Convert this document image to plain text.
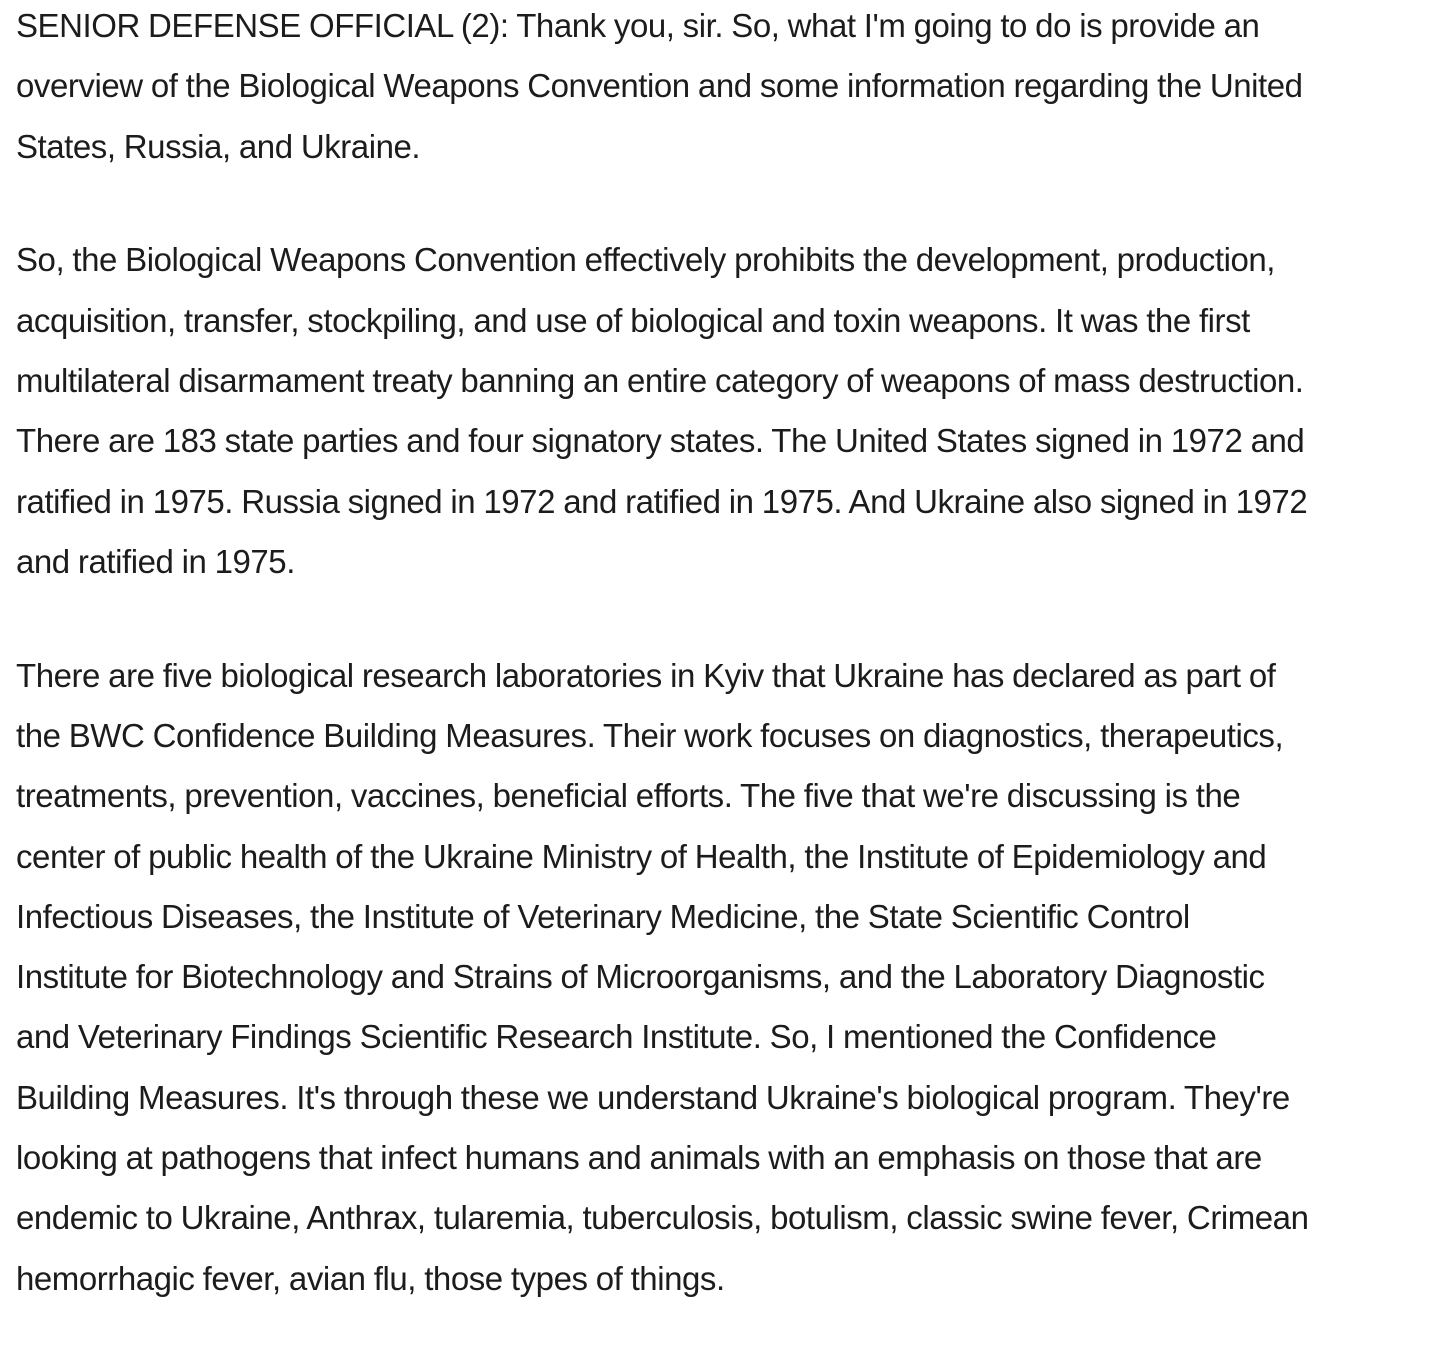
SENIOR DEFENSE OFFICIAL (2): Thank you, sir. So, what I'm going to do is provide an
overview of the Biological Weapons Convention and some information regarding the United
States, Russia, and Ukraine.
So, the Biological Weapons Convention effectively prohibits the development, production,
acquisition, transfer, stockpiling, and use of biological and toxin weapons. It was the first
multilateral disarmament treaty banning an entire category of weapons of mass destruction.
There are 183 state parties and four signatory states. The United States signed in 1972 and
ratified in 1975. Russia signed in 1972 and ratified in 1975. And Ukraine also signed in 1972
and ratified in 1975.
There are five biological research laboratories in Kyiv that Ukraine has declared as part of
the BWC Confidence Building Measures. Their work focuses on diagnostics, therapeutics,
treatments, prevention, vaccines, beneficial efforts. The five that we're discussing is the
center of public health of the Ukraine Ministry of Health, the Institute of Epidemiology and
Infectious Diseases, the Institute of Veterinary Medicine, the State Scientific Control
Institute for Biotechnology and Strains of Microorganisms, and the Laboratory Diagnostic
and Veterinary Findings Scientific Research Institute. So, I mentioned the Confidence
Building Measures. It's through these we understand Ukraine's biological program. They're
looking at pathogens that infect humans and animals with an emphasis on those that are
endemic to Ukraine, Anthrax, tularemia, tuberculosis, botulism, classic swine fever, Crimean
hemorrhagic fever, avian flu, those types of things.
